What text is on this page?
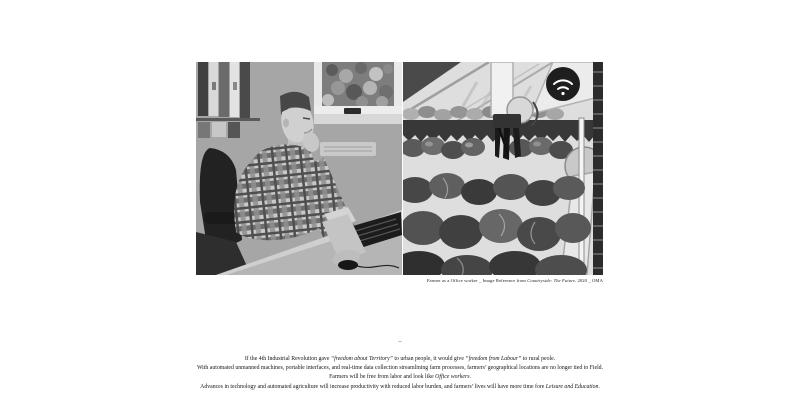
Farmer as a Office worker _ Image Reference from Countryside: The Future, 2020 _ OMA
–
If the 4th Industrial Revolution gave “freedom about Territory” to urban people, it would give “freedom from Labour” to rural peole.
With automated unmanned machines, portable interfaces, and real-time data collection streamlining farm processes, farmers’ geographical locations are no longer tied to Field.
Farmers will be free from labor and look like Office workers.
Advances in technology and automated agriculture will increase productivity with reduced labor burden, and farmers’ lives will have more time fore Leisure and Education.
